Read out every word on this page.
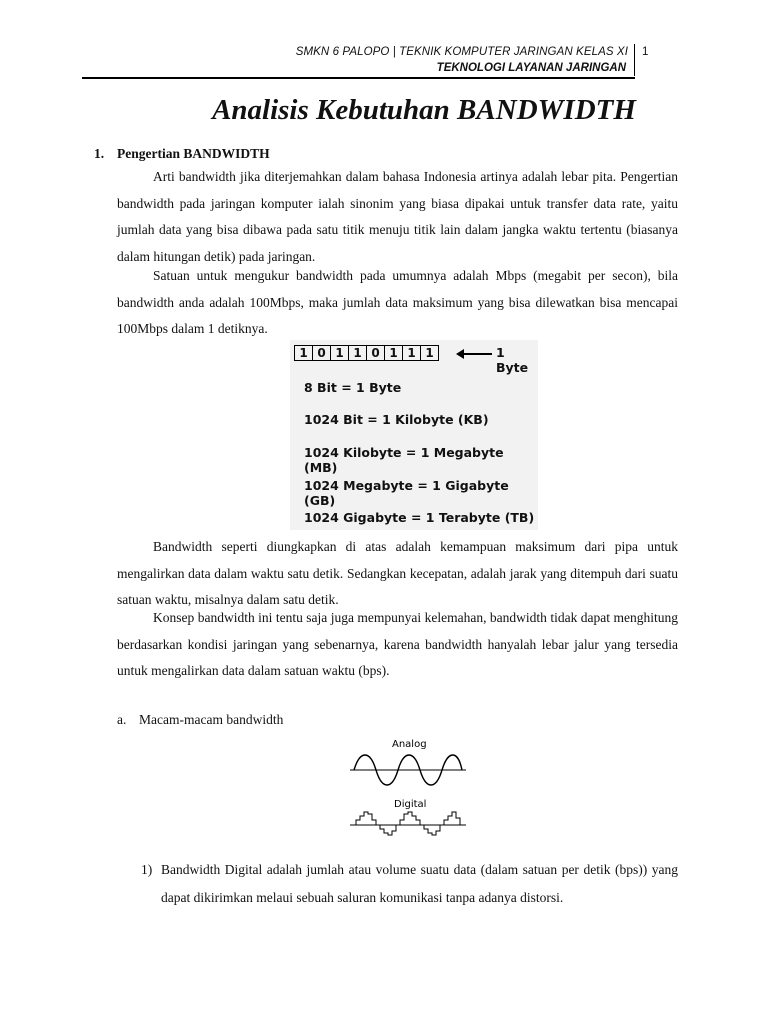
SMKN 6 PALOPO | TEKNIK KOMPUTER JARINGAN KELAS XI 1
TEKNOLOGI LAYANAN JARINGAN
Analisis Kebutuhan BANDWIDTH
1. Pengertian BANDWIDTH
Arti bandwidth jika diterjemahkan dalam bahasa Indonesia artinya adalah lebar pita. Pengertian bandwidth pada jaringan komputer ialah sinonim yang biasa dipakai untuk transfer data rate, yaitu jumlah data yang bisa dibawa pada satu titik menuju titik lain dalam jangka waktu tertentu (biasanya dalam hitungan detik) pada jaringan.
Satuan untuk mengukur bandwidth pada umumnya adalah Mbps (megabit per secon), bila bandwidth anda adalah 100Mbps, maka jumlah data maksimum yang bisa dilewatkan bisa mencapai 100Mbps dalam 1 detiknya.
1 0 1 1 0 1 1 1	1 Byte
8 Bit = 1 Byte
1024 Bit = 1 Kilobyte (KB)
1024 Kilobyte = 1 Megabyte (MB)
1024 Megabyte = 1 Gigabyte (GB)
1024 Gigabyte = 1 Terabyte (TB)
Bandwidth seperti diungkapkan di atas adalah kemampuan maksimum dari pipa untuk mengalirkan data dalam waktu satu detik. Sedangkan kecepatan, adalah jarak yang ditempuh dari suatu satuan waktu, misalnya dalam satu detik.
Konsep bandwidth ini tentu saja juga mempunyai kelemahan, bandwidth tidak dapat menghitung berdasarkan kondisi jaringan yang sebenarnya, karena bandwidth hanyalah lebar jalur yang tersedia untuk mengalirkan data dalam satuan waktu (bps).
a. Macam-macam bandwidth
Analog
Digital
1) Bandwidth Digital adalah jumlah atau volume suatu data (dalam satuan per detik (bps)) yang dapat dikirimkan melaui sebuah saluran komunikasi tanpa adanya distorsi.
